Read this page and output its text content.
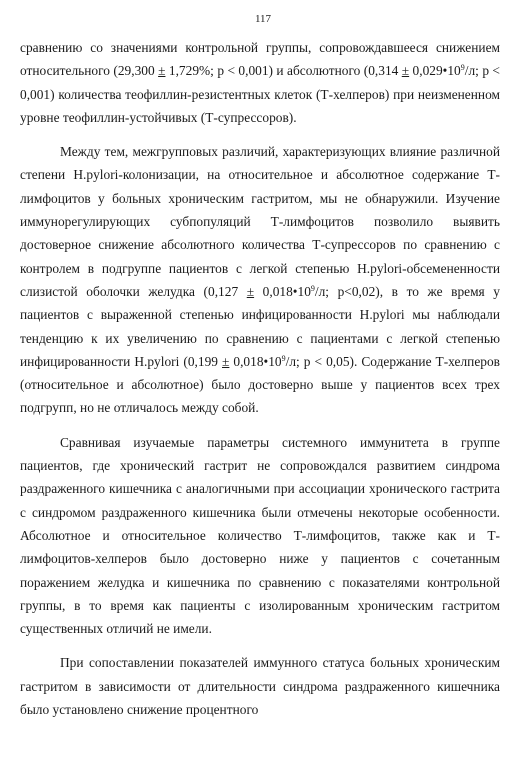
117

сравнению со значениями контрольной группы, сопровождавшееся снижением относительного (29,300 ± 1,729%; p < 0,001) и абсолютного ($0,314 \pm 0,029•10^9/л$; p < 0,001) количества теофиллин-резистентных клеток (Т-хелперов) при неизмененном уровне теофиллин-устойчивых (Т-супрессоров).

Между тем, межгрупповых различий, характеризующих влияние различной степени H.pylori-колонизации, на относительное и абсолютное содержание Т-лимфоцитов у больных хроническим гастритом, мы не обнаружили. Изучение иммунорегулирующих субпопуляций Т-лимфоцитов позволило выявить достоверное снижение абсолютного количества Т-супрессоров по сравнению с контролем в подгруппе пациентов с легкой степенью H.pylori-обсемененности слизистой оболочки желудка ($0,127 \pm 0,018•10^9/л$; p<0,02), в то же время у пациентов с выраженной степенью инфицированности H.pylori мы наблюдали тенденцию к их увеличению по сравнению с пациентами с легкой степенью инфицированности H.pylori ($0,199 \pm 0,018•10^9/л$; p < 0,05). Содержание Т-хелперов (относительное и абсолютное) было достоверно выше у пациентов всех трех подгрупп, но не отличалось между собой.

Сравнивая изучаемые параметры системного иммунитета в группе пациентов, где хронический гастрит не сопровождался развитием синдрома раздраженного кишечника с аналогичными при ассоциации хронического гастрита с синдромом раздраженного кишечника были отмечены некоторые особенности. Абсолютное и относительное количество Т-лимфоцитов, также как и Т-лимфоцитов-хелперов было достоверно ниже у пациентов с сочетанным поражением желудка и кишечника по сравнению с показателями контрольной группы, в то время как пациенты с изолированным хроническим гастритом существенных отличий не имели.

При сопоставлении показателей иммунного статуса больных хроническим гастритом в зависимости от длительности синдрома раздраженного кишечника было установлено снижение процентного
